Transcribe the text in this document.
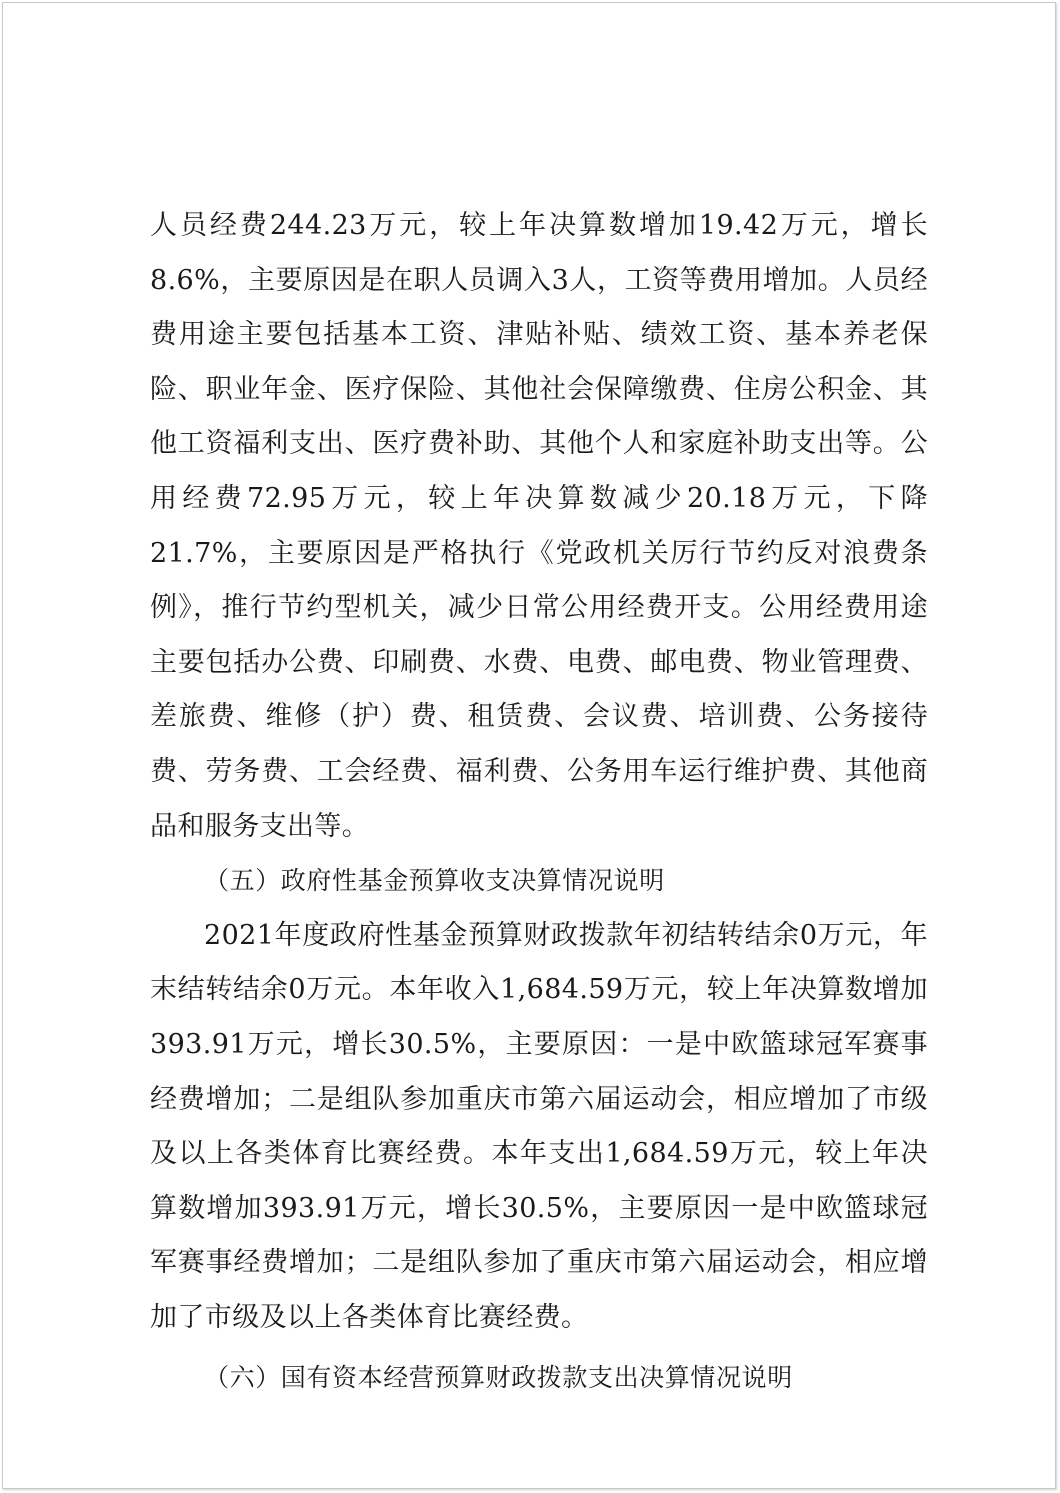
人员经费244.23万元，较上年决算数增加19.42万元，增长8.6%，主要原因是在职人员调入3人，工资等费用增加。人员经费用途主要包括基本工资、津贴补贴、绩效工资、基本养老保险、职业年金、医疗保险、其他社会保障缴费、住房公积金、其他工资福利支出、医疗费补助、其他个人和家庭补助支出等。公用经费72.95万元，较上年决算数减少20.18万元，下降21.7%，主要原因是严格执行《党政机关厉行节约反对浪费条例》，推行节约型机关，减少日常公用经费开支。公用经费用途主要包括办公费、印刷费、水费、电费、邮电费、物业管理费、差旅费、维修（护）费、租赁费、会议费、培训费、公务接待费、劳务费、工会经费、福利费、公务用车运行维护费、其他商品和服务支出等。

（五）政府性基金预算收支决算情况说明

2021年度政府性基金预算财政拨款年初结转结余0万元，年末结转结余0万元。本年收入1,684.59万元，较上年决算数增加393.91万元，增长30.5%，主要原因：一是中欧篮球冠军赛事经费增加；二是组队参加重庆市第六届运动会，相应增加了市级及以上各类体育比赛经费。本年支出1,684.59万元，较上年决算数增加393.91万元，增长30.5%，主要原因一是中欧篮球冠军赛事经费增加；二是组队参加了重庆市第六届运动会，相应增加了市级及以上各类体育比赛经费。

（六）国有资本经营预算财政拨款支出决算情况说明
